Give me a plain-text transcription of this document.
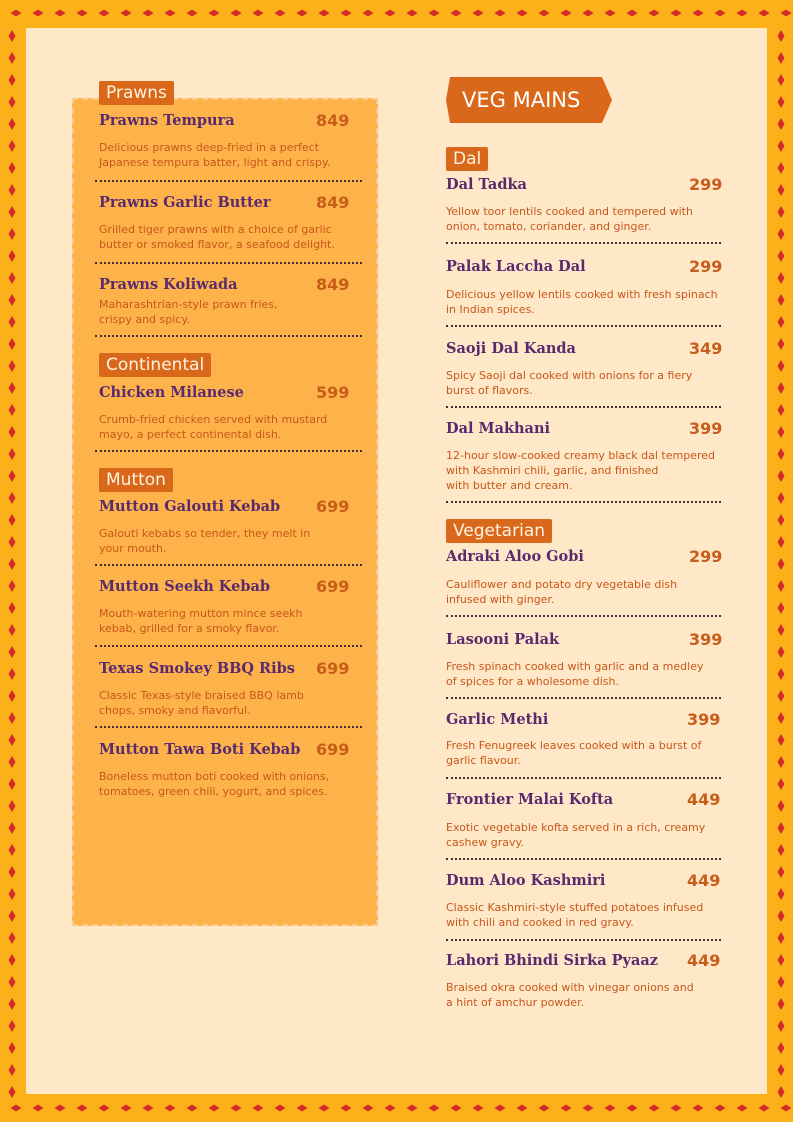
Prawns
Prawns Tempura	849
Delicious prawns deep-fried in a perfect
Japanese tempura batter, light and crispy.
Prawns Garlic Butter	849
Grilled tiger prawns with a choice of garlic
butter or smoked flavor, a seafood delight.
Prawns Koliwada	849
Maharashtrian-style prawn fries,
crispy and spicy.
Continental
Chicken Milanese	599
Crumb-fried chicken served with mustard
mayo, a perfect continental dish.
Mutton
Mutton Galouti Kebab 699
Galouti kebabs so tender, they melt in
your mouth.
Mutton Seekh Kebab	699
Mouth-watering mutton mince seekh
kebab, grilled for a smoky flavor.
Texas Smokey BBQ Ribs 699
Classic Texas-style braised BBQ lamb
chops, smoky and flavorful.
Mutton Tawa Boti Kebab 699
Boneless mutton boti cooked with onions,
tomatoes, green chili, yogurt, and spices.
VEG MAINS
Dal
Dal Tadka	299
Yellow toor lentils cooked and tempered with
onion, tomato, coriander, and ginger.
Palak Laccha Dal	299
Delicious yellow lentils cooked with fresh spinach
in Indian spices.
Saoji Dal Kanda	349
Spicy Saoji dal cooked with onions for a fiery
burst of flavors.
Dal Makhani	399
12-hour slow-cooked creamy black dal tempered
with Kashmiri chili, garlic, and finished
with butter and cream.
Vegetarian
Adraki Aloo Gobi	299
Cauliflower and potato dry vegetable dish
infused with ginger.
Lasooni Palak	399
Fresh spinach cooked with garlic and a medley
of spices for a wholesome dish.
Garlic Methi	399
Fresh Fenugreek leaves cooked with a burst of
garlic flavour.
Frontier Malai Kofta	449
Exotic vegetable kofta served in a rich, creamy
cashew gravy.
Dum Aloo Kashmiri	449
Classic Kashmiri-style stuffed potatoes infused
with chili and cooked in red gravy.
Lahori Bhindi Sirka Pyaaz 449
Braised okra cooked with vinegar onions and
a hint of amchur powder.
